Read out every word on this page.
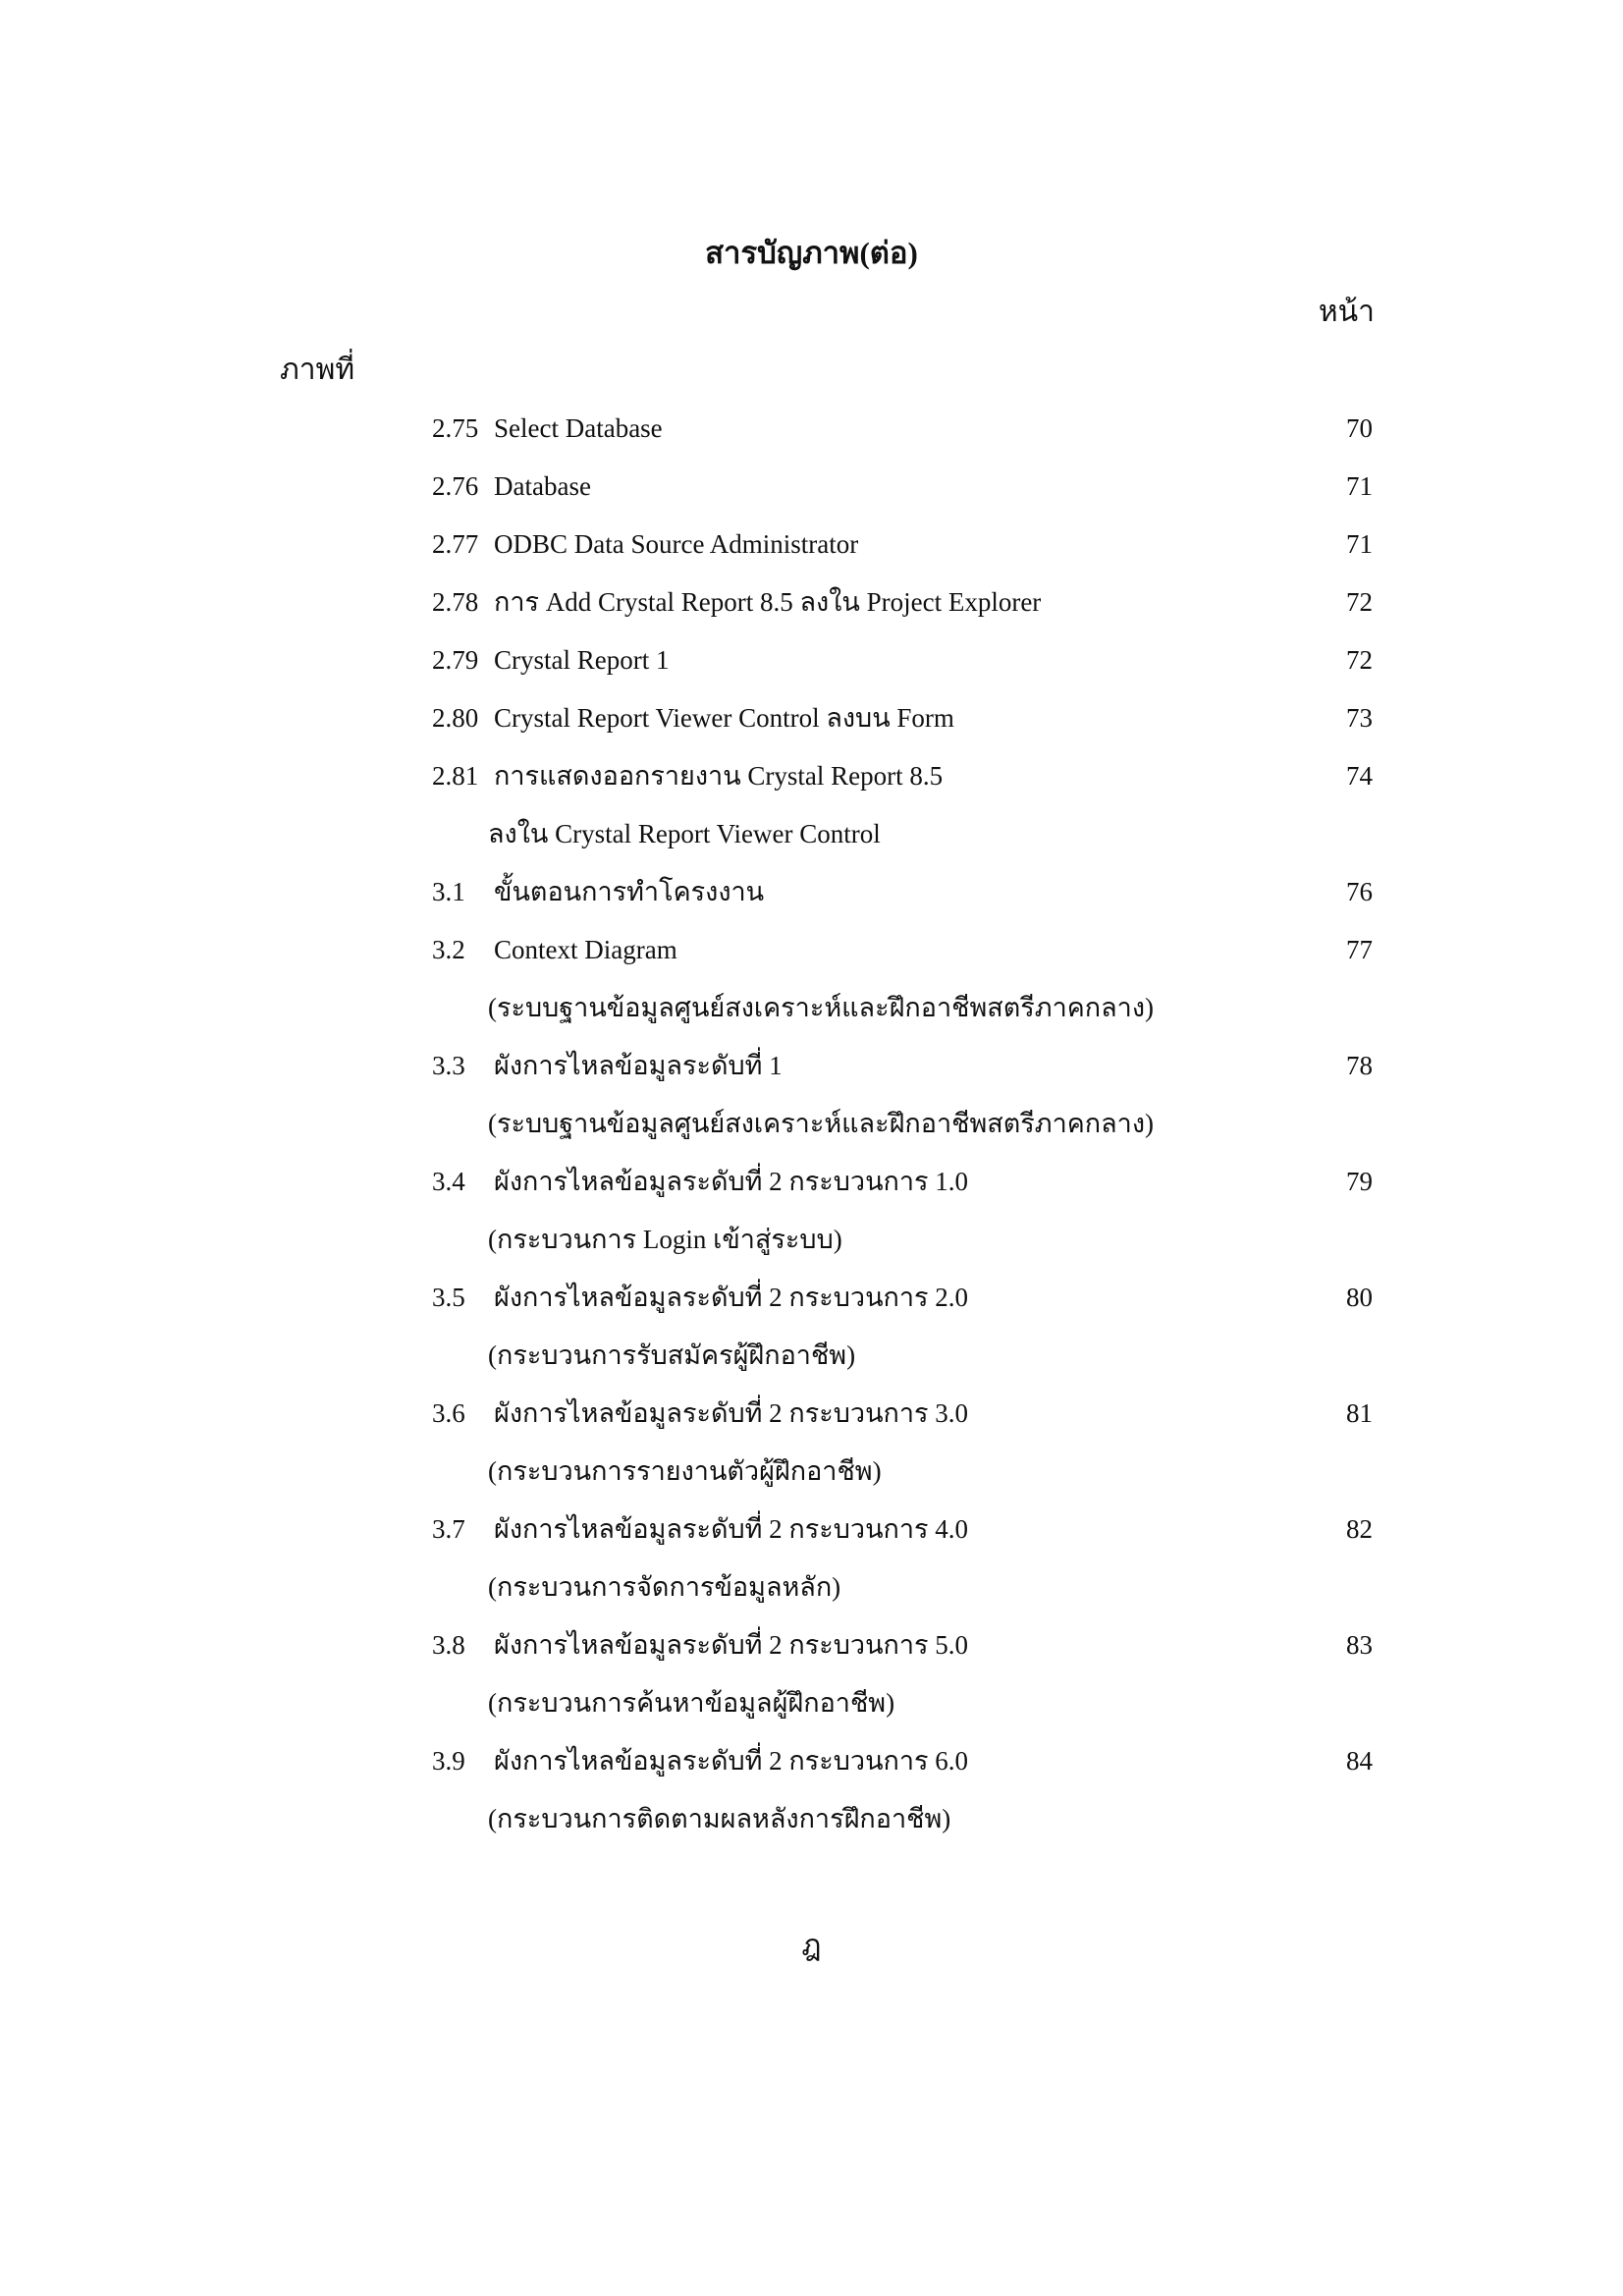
สารบัญภาพ(ต่อ)
หน้า
ภาพที่
2.75 Select Database	70
2.76 Database	71
2.77 ODBC Data Source Administrator	71
2.78 การ Add Crystal Report 8.5 ลงใน Project Explorer	72
2.79 Crystal Report 1	72
2.80 Crystal Report Viewer Control ลงบน Form	73
2.81 การแสดงออกรายงาน Crystal Report 8.5	74
ลงใน Crystal Report Viewer Control
3.1 ขั้นตอนการทำโครงงาน	76
3.2 Context Diagram	77
(ระบบฐานข้อมูลศูนย์สงเคราะห์และฝึกอาชีพสตรีภาคกลาง)
3.3 ผังการไหลข้อมูลระดับที่ 1	78
(ระบบฐานข้อมูลศูนย์สงเคราะห์และฝึกอาชีพสตรีภาคกลาง)
3.4 ผังการไหลข้อมูลระดับที่ 2 กระบวนการ 1.0	79
(กระบวนการ Login เข้าสู่ระบบ)
3.5 ผังการไหลข้อมูลระดับที่ 2 กระบวนการ 2.0	80
(กระบวนการรับสมัครผู้ฝึกอาชีพ)
3.6 ผังการไหลข้อมูลระดับที่ 2 กระบวนการ 3.0	81
(กระบวนการรายงานตัวผู้ฝึกอาชีพ)
3.7 ผังการไหลข้อมูลระดับที่ 2 กระบวนการ 4.0	82
(กระบวนการจัดการข้อมูลหลัก)
3.8 ผังการไหลข้อมูลระดับที่ 2 กระบวนการ 5.0	83
(กระบวนการค้นหาข้อมูลผู้ฝึกอาชีพ)
3.9 ผังการไหลข้อมูลระดับที่ 2 กระบวนการ 6.0	84
(กระบวนการติดตามผลหลังการฝึกอาชีพ)
ฎ
